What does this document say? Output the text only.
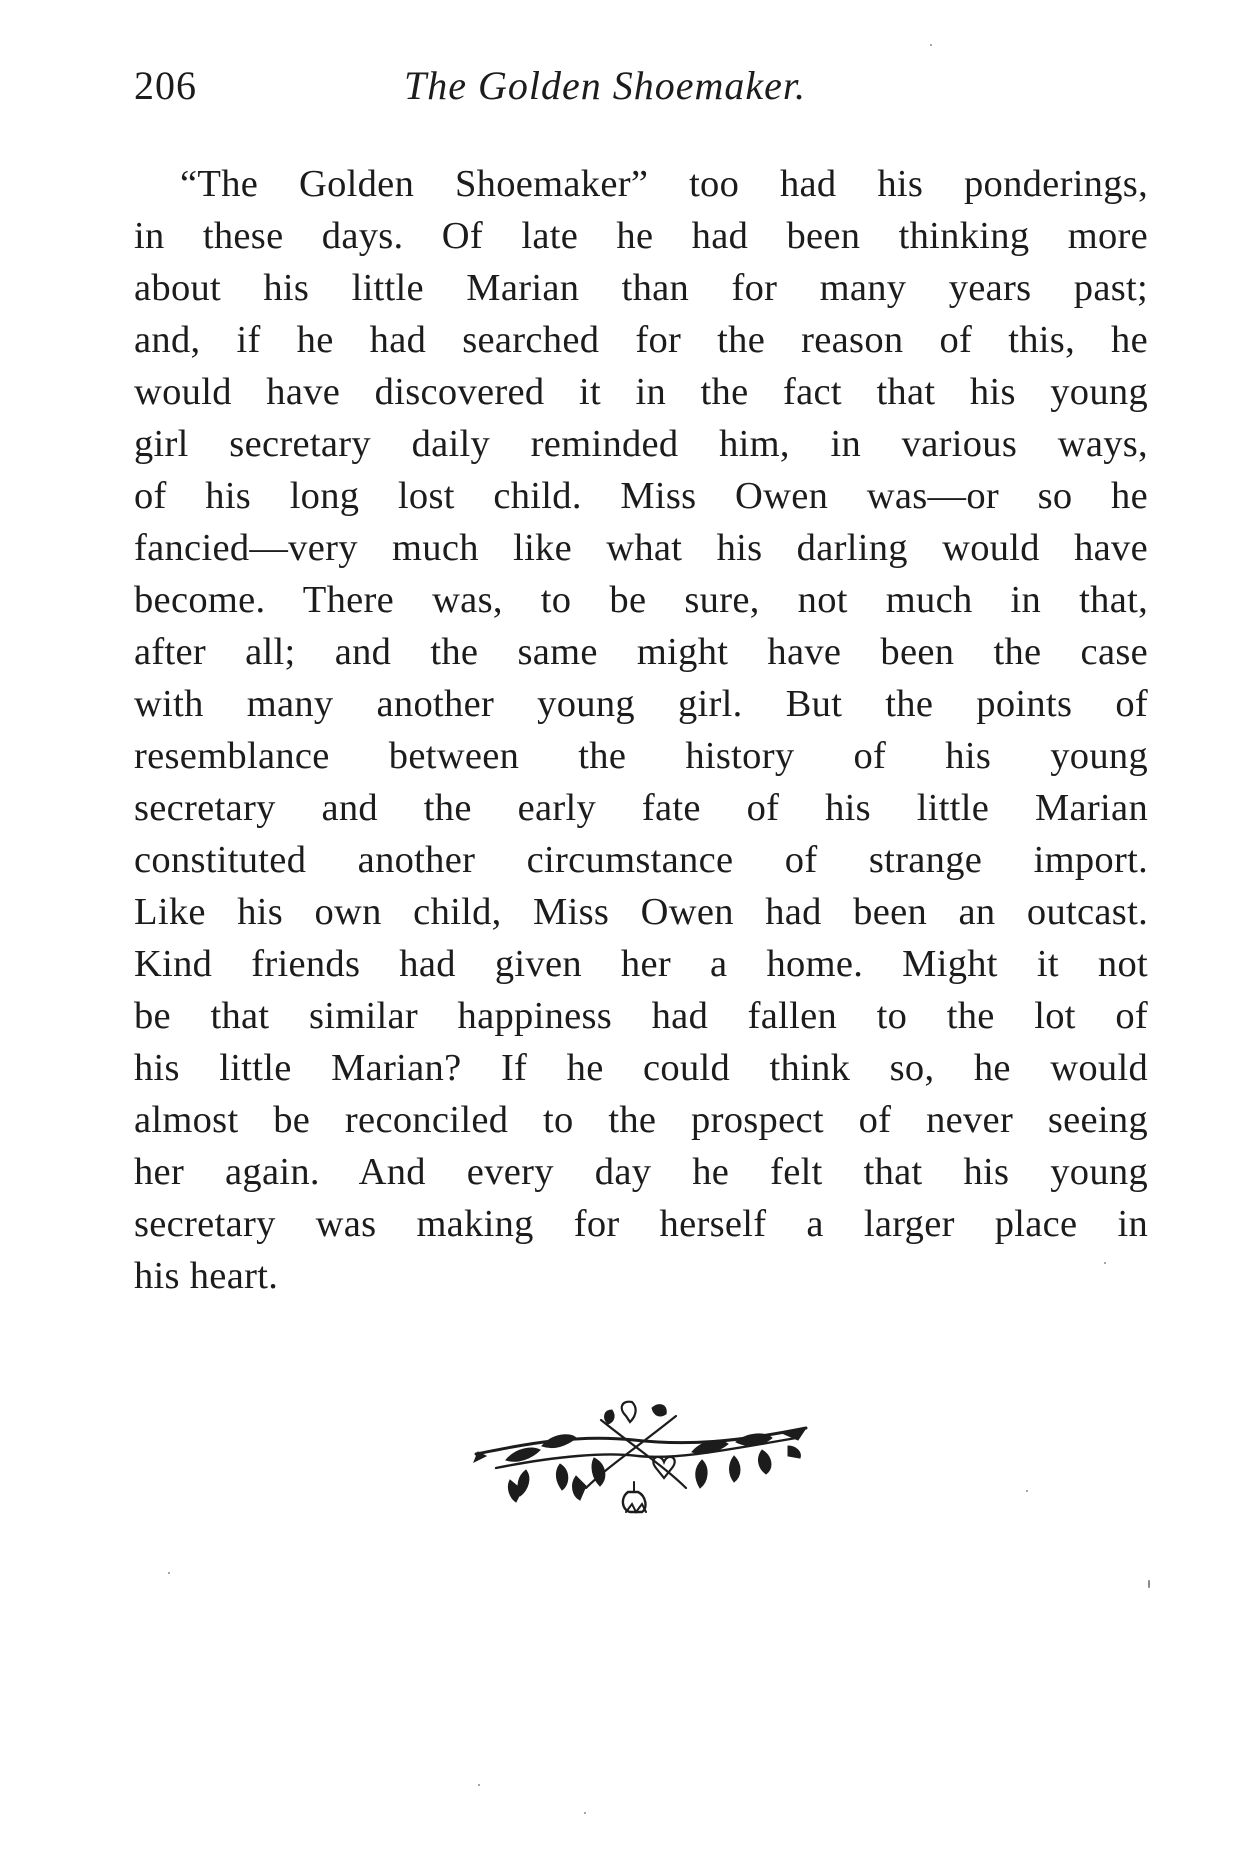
206	The Golden Shoemaker.
“The Golden Shoemaker” too had his ponderings,
in these days. Of late he had been thinking more
about his little Marian than for many years past;
and, if he had searched for the reason of this, he
would have discovered it in the fact that his young
girl secretary daily reminded him, in various ways,
of his long lost child. Miss Owen was—or so he
fancied—very much like what his darling would have
become. There was, to be sure, not much in that,
after all; and the same might have been the case
with many another young girl. But the points of
resemblance between the history of his young
secretary and the early fate of his little Marian
constituted another circumstance of strange import.
Like his own child, Miss Owen had been an outcast.
Kind friends had given her a home. Might it not
be that similar happiness had fallen to the lot of
his little Marian? If he could think so, he would
almost be reconciled to the prospect of never seeing
her again. And every day he felt that his young
secretary was making for herself a larger place in
his heart.
